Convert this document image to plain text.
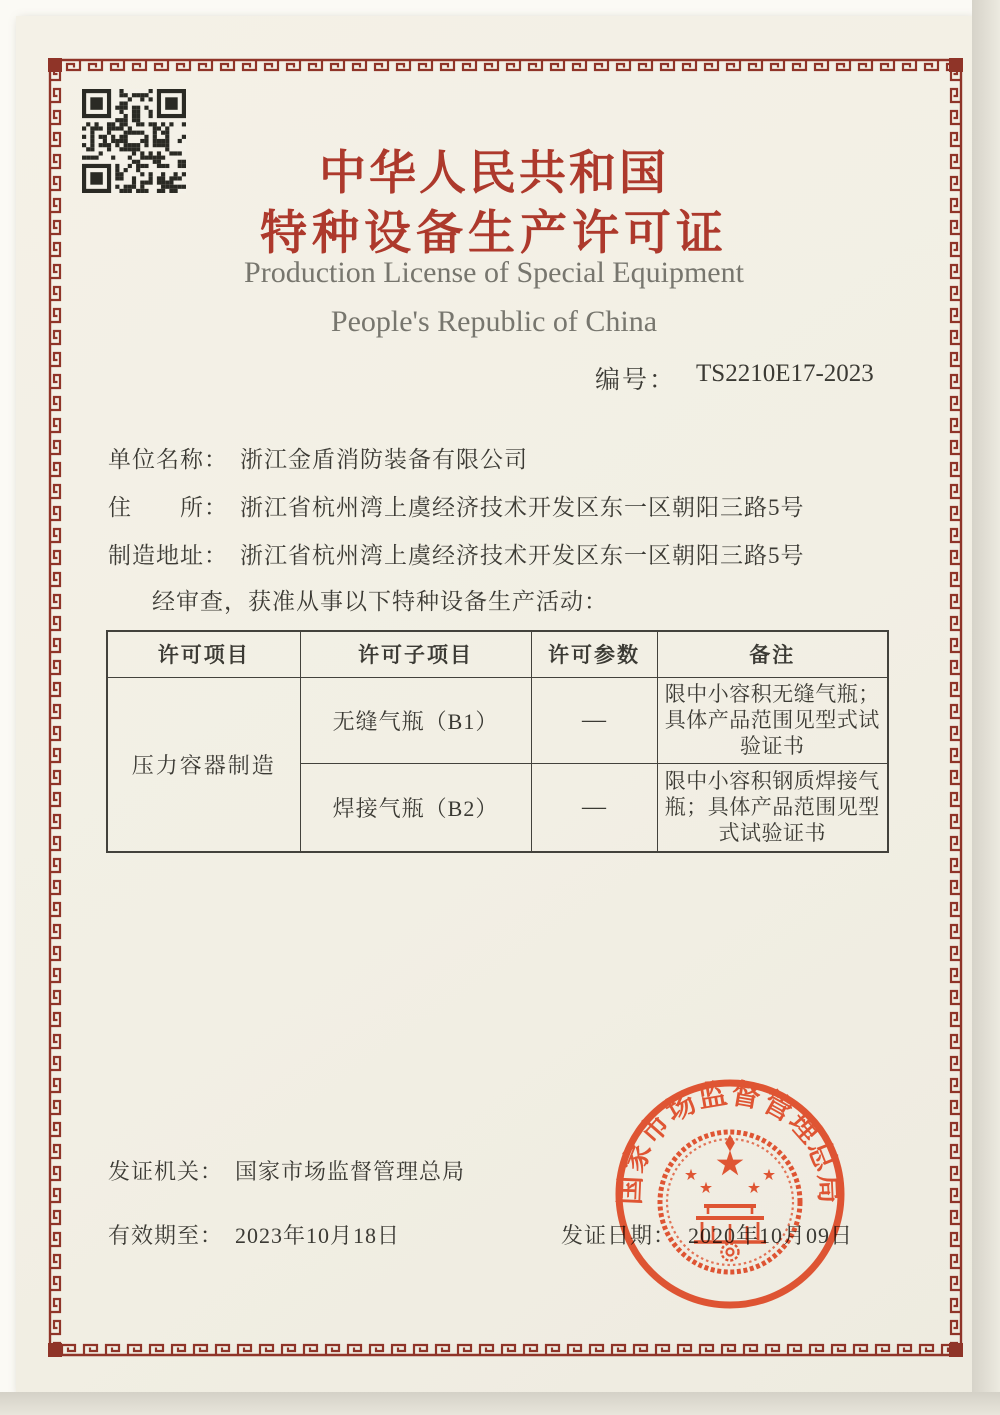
中华人民共和国
特种设备生产许可证
Production License of Special Equipment
People's Republic of China
编号： TS2210E17-2023
单位名称： 浙江金盾消防装备有限公司
住　　所： 浙江省杭州湾上虞经济技术开发区东一区朝阳三路5号
制造地址： 浙江省杭州湾上虞经济技术开发区东一区朝阳三路5号
经审查，获准从事以下特种设备生产活动：
许可项目	许可子项目	许可参数	备注
压力容器制造	无缝气瓶（B1）	—	限中小容积无缝气瓶；具体产品范围见型式试验证书
	焊接气瓶（B2）	—	限中小容积钢质焊接气瓶；具体产品范围见型式试验证书
发证机关： 国家市场监督管理总局
有效期至： 2023年10月18日	发证日期： 2020年10月09日
国家市场监督管理总局
